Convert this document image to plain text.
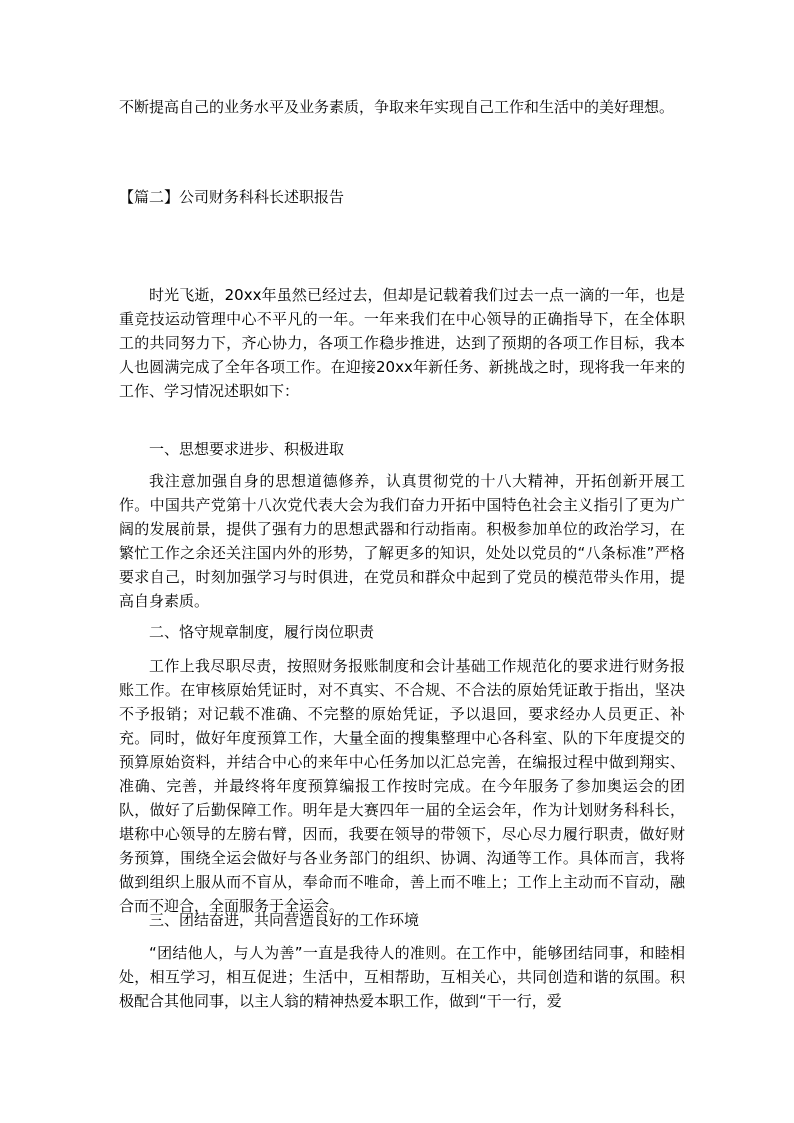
不断提高自己的业务水平及业务素质，争取来年实现自己工作和生活中的美好理想。

【篇二】公司财务科科长述职报告

时光飞逝，20xx年虽然已经过去，但却是记载着我们过去一点一滴的一年，也是重竞技运动管理中心不平凡的一年。一年来我们在中心领导的正确指导下，在全体职工的共同努力下，齐心协力，各项工作稳步推进，达到了预期的各项工作目标，我本人也圆满完成了全年各项工作。在迎接20xx年新任务、新挑战之时，现将我一年来的工作、学习情况述职如下：

一、思想要求进步、积极进取

我注意加强自身的思想道德修养，认真贯彻党的十八大精神，开拓创新开展工作。中国共产党第十八次党代表大会为我们奋力开拓中国特色社会主义指引了更为广阔的发展前景，提供了强有力的思想武器和行动指南。积极参加单位的政治学习，在繁忙工作之余还关注国内外的形势，了解更多的知识，处处以党员的“八条标准”严格要求自己，时刻加强学习与时俱进，在党员和群众中起到了党员的模范带头作用，提高自身素质。

二、恪守规章制度，履行岗位职责

工作上我尽职尽责，按照财务报账制度和会计基础工作规范化的要求进行财务报账工作。在审核原始凭证时，对不真实、不合规、不合法的原始凭证敢于指出，坚决不予报销；对记载不准确、不完整的原始凭证，予以退回，要求经办人员更正、补充。同时，做好年度预算工作，大量全面的搜集整理中心各科室、队的下年度提交的预算原始资料，并结合中心的来年中心任务加以汇总完善，在编报过程中做到翔实、准确、完善，并最终将年度预算编报工作按时完成。在今年服务了参加奥运会的团队，做好了后勤保障工作。明年是大赛四年一届的全运会年，作为计划财务科科长，堪称中心领导的左膀右臂，因而，我要在领导的带领下，尽心尽力履行职责，做好财务预算，围绕全运会做好与各业务部门的组织、协调、沟通等工作。具体而言，我将做到组织上服从而不盲从，奉命而不唯命，善上而不唯上；工作上主动而不盲动，融合而不迎合，全面服务于全运会。

三、团结奋进，共同营造良好的工作环境

“团结他人，与人为善”一直是我待人的准则。在工作中，能够团结同事，和睦相处，相互学习，相互促进；生活中，互相帮助，互相关心，共同创造和谐的氛围。积极配合其他同事，以主人翁的精神热爱本职工作，做到“干一行，爱
